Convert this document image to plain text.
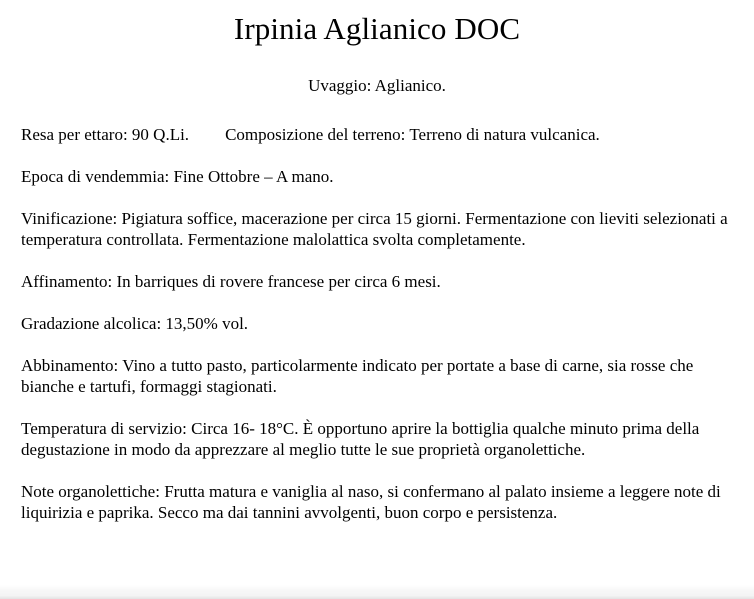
Irpinia Aglianico DOC

Uvaggio: Aglianico.

Resa per ettaro: 90 Q.Li. Composizione del terreno: Terreno di natura vulcanica.

Epoca di vendemmia: Fine Ottobre – A mano.

Vinificazione: Pigiatura soffice, macerazione per circa 15 giorni. Fermentazione con lieviti selezionati a temperatura controllata. Fermentazione malolattica svolta completamente.

Affinamento: In barriques di rovere francese per circa 6 mesi.

Gradazione alcolica: 13,50% vol.

Abbinamento: Vino a tutto pasto, particolarmente indicato per portate a base di carne, sia rosse che bianche e tartufi, formaggi stagionati.

Temperatura di servizio: Circa 16- 18°C. È opportuno aprire la bottiglia qualche minuto prima della degustazione in modo da apprezzare al meglio tutte le sue proprietà organolettiche.

Note organolettiche: Frutta matura e vaniglia al naso, si confermano al palato insieme a leggere note di liquirizia e paprika. Secco ma dai tannini avvolgenti, buon corpo e persistenza.
